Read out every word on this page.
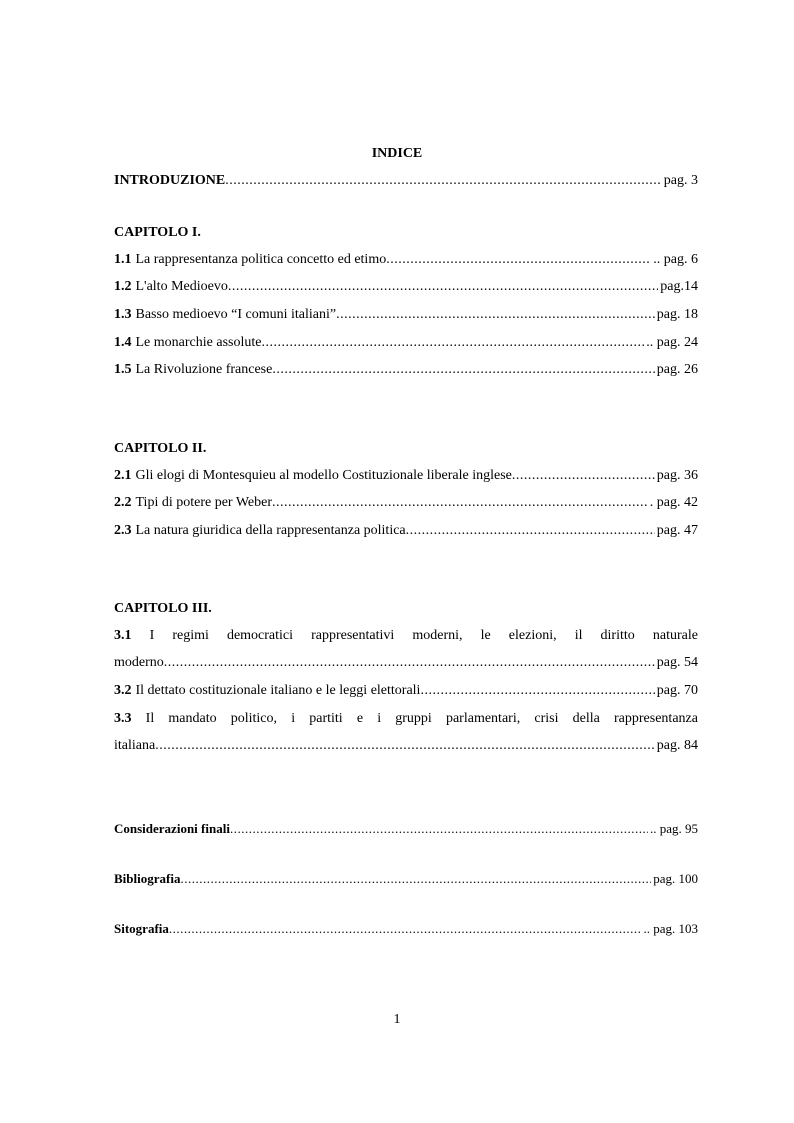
INDICE
INTRODUZIONE .....	pag. 3
CAPITOLO I.
1.1 La rappresentanza politica concetto ed etimo .....	.. pag. 6
1.2 L'alto Medioevo .....	pag.14
1.3 Basso medioevo “I comuni italiani” .....	pag. 18
1.4 Le monarchie assolute .....	.. pag. 24
1.5 La Rivoluzione francese .....	pag. 26
CAPITOLO II.
2.1 Gli elogi di Montesquieu al modello Costituzionale liberale inglese .....	pag. 36
2.2 Tipi di potere per Weber .....	. pag. 42
2.3 La natura giuridica della rappresentanza politica .....	pag. 47
CAPITOLO III.
3.1 I regimi democratici rappresentativi moderni, le elezioni, il diritto naturale
moderno .....	pag. 54
3.2 Il dettato costituzionale italiano e le leggi elettorali .....	pag. 70
3.3 Il mandato politico, i partiti e i gruppi parlamentari, crisi della rappresentanza
italiana .....	pag. 84
Considerazioni finali .....	.. pag. 95
Bibliografia .....	pag. 100
Sitografia .....	.. pag. 103
1
